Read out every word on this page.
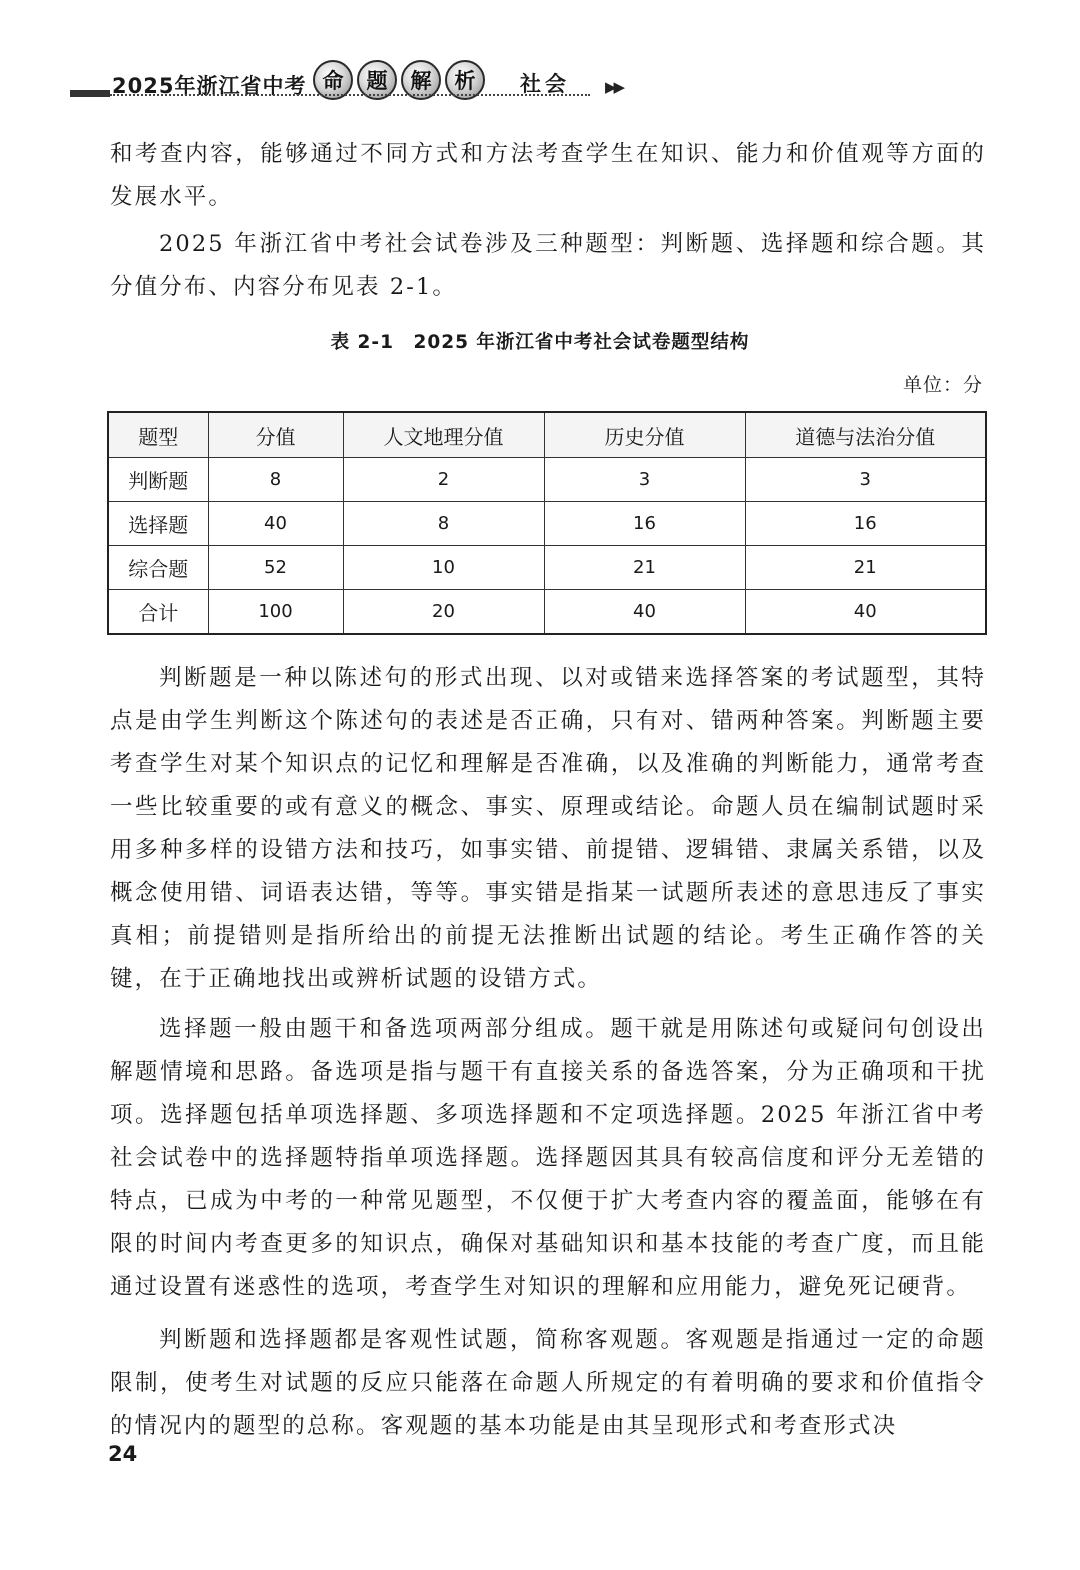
2025年浙江省中考 命	题	解	析	社会 ▶▶

和考查内容，能够通过不同方式和方法考查学生在知识、能力和价值观等方面的发展水平。

2025 年浙江省中考社会试卷涉及三种题型：判断题、选择题和综合题。其分值分布、内容分布见表 2-1。

表 2-1　2025 年浙江省中考社会试卷题型结构

单位：分
题型	分值	人文地理分值	历史分值	道德与法治分值
判断题	8	2	3	3
选择题	40	8	16	16
综合题	52	10	21	21
合计	100	20	40	40

判断题是一种以陈述句的形式出现、以对或错来选择答案的考试题型，其特点是由学生判断这个陈述句的表述是否正确，只有对、错两种答案。判断题主要考查学生对某个知识点的记忆和理解是否准确，以及准确的判断能力，通常考查一些比较重要的或有意义的概念、事实、原理或结论。命题人员在编制试题时采用多种多样的设错方法和技巧，如事实错、前提错、逻辑错、隶属关系错，以及概念使用错、词语表达错，等等。事实错是指某一试题所表述的意思违反了事实真相；前提错则是指所给出的前提无法推断出试题的结论。考生正确作答的关键，在于正确地找出或辨析试题的设错方式。

选择题一般由题干和备选项两部分组成。题干就是用陈述句或疑问句创设出解题情境和思路。备选项是指与题干有直接关系的备选答案，分为正确项和干扰项。选择题包括单项选择题、多项选择题和不定项选择题。2025 年浙江省中考社会试卷中的选择题特指单项选择题。选择题因其具有较高信度和评分无差错的特点，已成为中考的一种常见题型，不仅便于扩大考查内容的覆盖面，能够在有限的时间内考查更多的知识点，确保对基础知识和基本技能的考查广度，而且能通过设置有迷惑性的选项，考查学生对知识的理解和应用能力，避免死记硬背。

判断题和选择题都是客观性试题，简称客观题。客观题是指通过一定的命题限制，使考生对试题的反应只能落在命题人所规定的有着明确的要求和价值指令的情况内的题型的总称。客观题的基本功能是由其呈现形式和考查形式决

24
